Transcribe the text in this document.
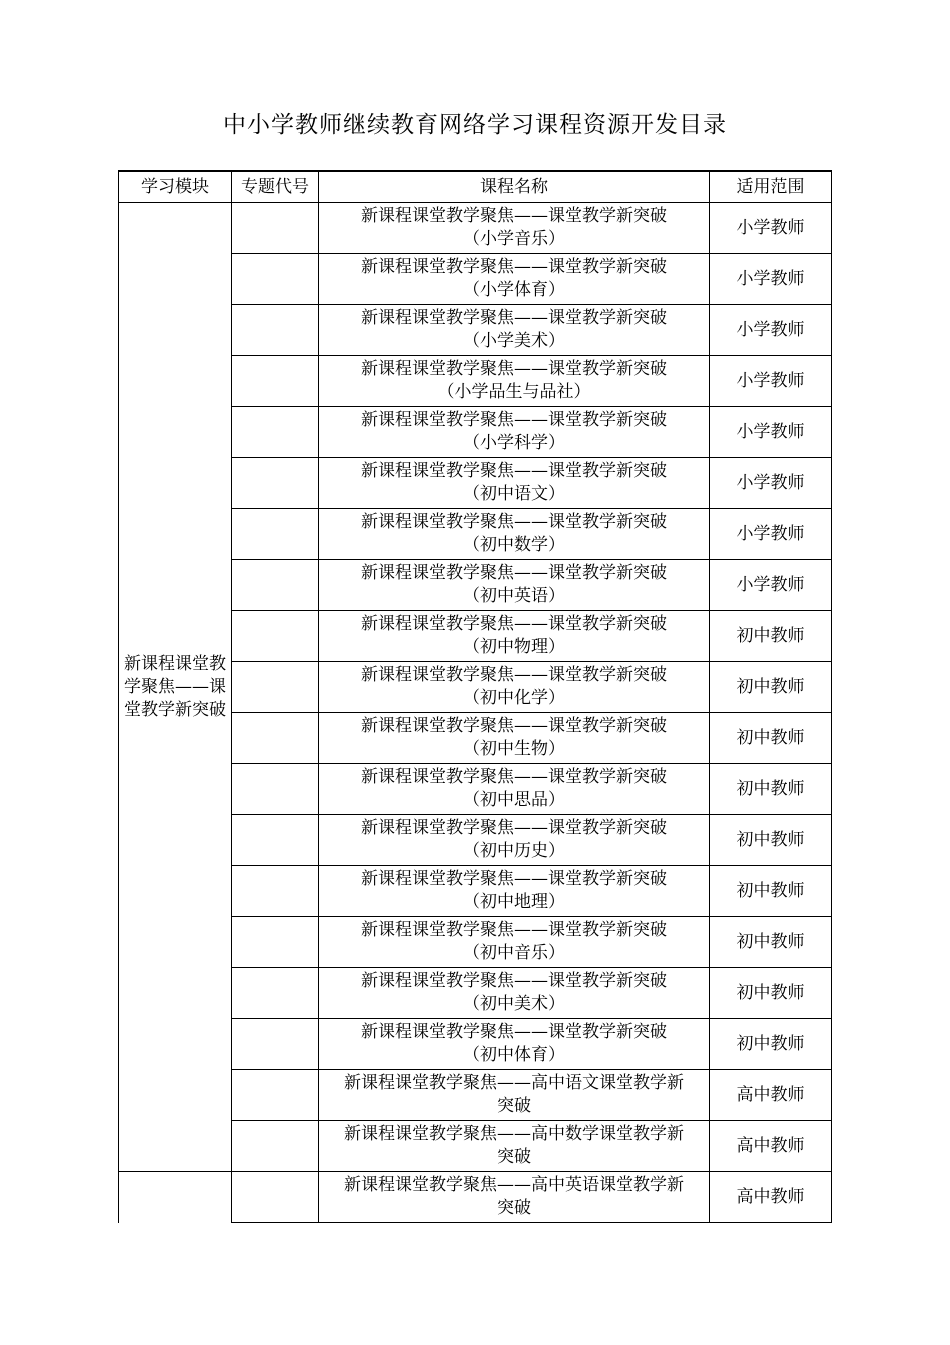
中小学教师继续教育网络学习课程资源开发目录
学习模块	专题代号	课程名称	适用范围
新课程课堂教学聚焦——课堂教学新突破		新课程课堂教学聚焦——课堂教学新突破
（小学音乐）	小学教师

		新课程课堂教学聚焦——课堂教学新突破
（小学体育）	小学教师

		新课程课堂教学聚焦——课堂教学新突破
（小学美术）	小学教师

		新课程课堂教学聚焦——课堂教学新突破
（小学品生与品社）	小学教师

		新课程课堂教学聚焦——课堂教学新突破
（小学科学）	小学教师

		新课程课堂教学聚焦——课堂教学新突破
（初中语文）	小学教师

		新课程课堂教学聚焦——课堂教学新突破
（初中数学）	小学教师

		新课程课堂教学聚焦——课堂教学新突破
（初中英语）	小学教师

		新课程课堂教学聚焦——课堂教学新突破
（初中物理）	初中教师

		新课程课堂教学聚焦——课堂教学新突破
（初中化学）	初中教师

		新课程课堂教学聚焦——课堂教学新突破
（初中生物）	初中教师

		新课程课堂教学聚焦——课堂教学新突破
（初中思品）	初中教师

		新课程课堂教学聚焦——课堂教学新突破
（初中历史）	初中教师

		新课程课堂教学聚焦——课堂教学新突破
（初中地理）	初中教师

		新课程课堂教学聚焦——课堂教学新突破
（初中音乐）	初中教师

		新课程课堂教学聚焦——课堂教学新突破
（初中美术）	初中教师

		新课程课堂教学聚焦——课堂教学新突破
（初中体育）	初中教师

		新课程课堂教学聚焦——高中语文课堂教学新
突破	高中教师

		新课程课堂教学聚焦——高中数学课堂教学新
突破	高中教师

		新课程课堂教学聚焦——高中英语课堂教学新
突破	高中教师
